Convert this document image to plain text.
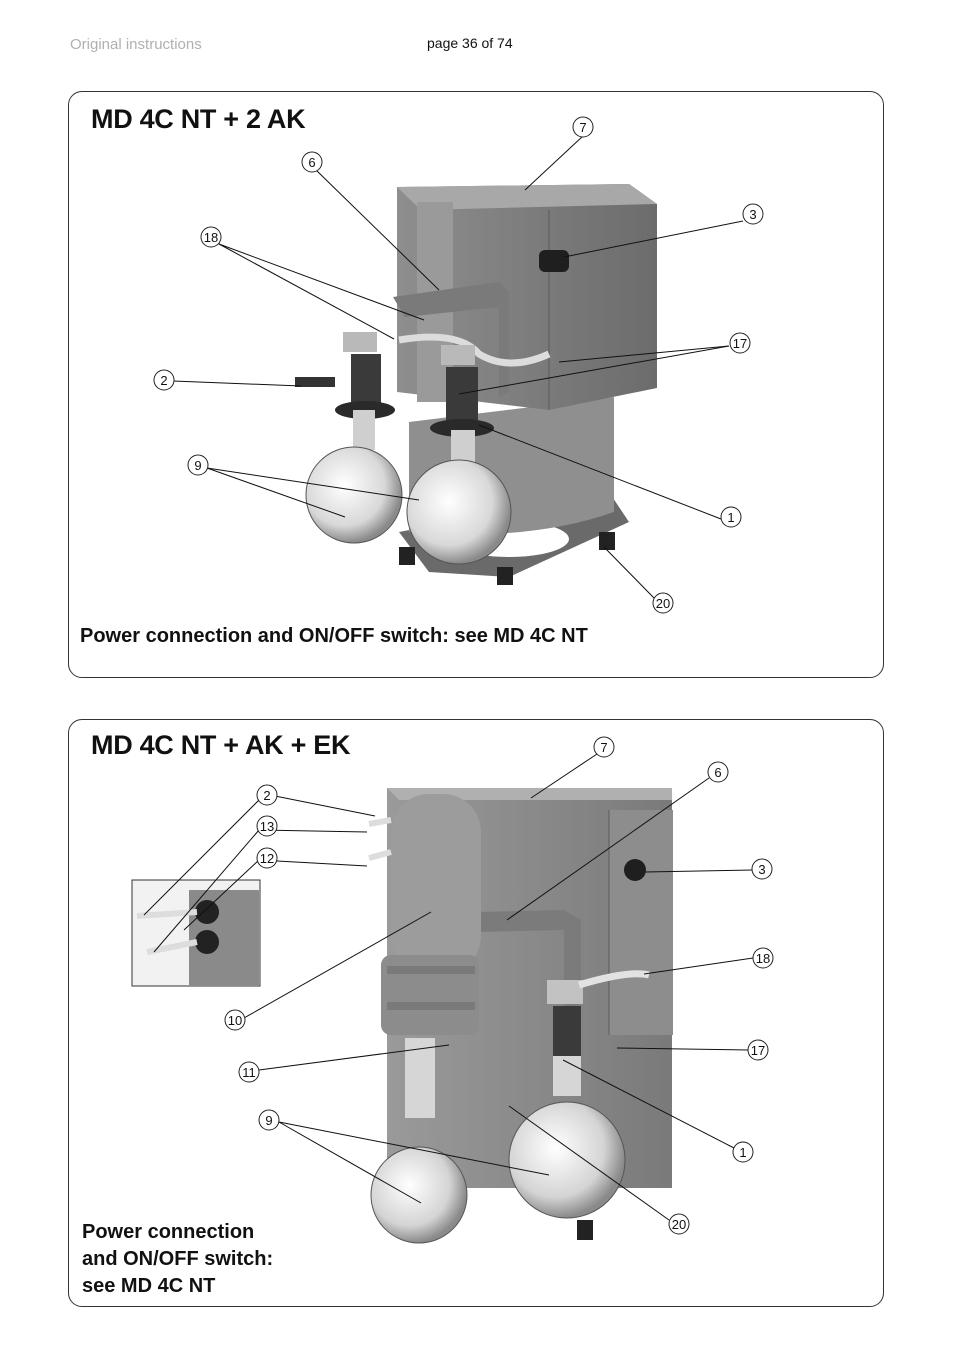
Original instructions	page 36 of 74
7
6
18
3
17
2
9
1
20
MD 4C NT + 2 AK
Power connection and ON/OFF switch: see MD 4C NT
7
6
2
13
12
3
18
10
17
11
9
1
20
MD 4C NT + AK + EK
Power connection
and ON/OFF switch:
see MD 4C NT
